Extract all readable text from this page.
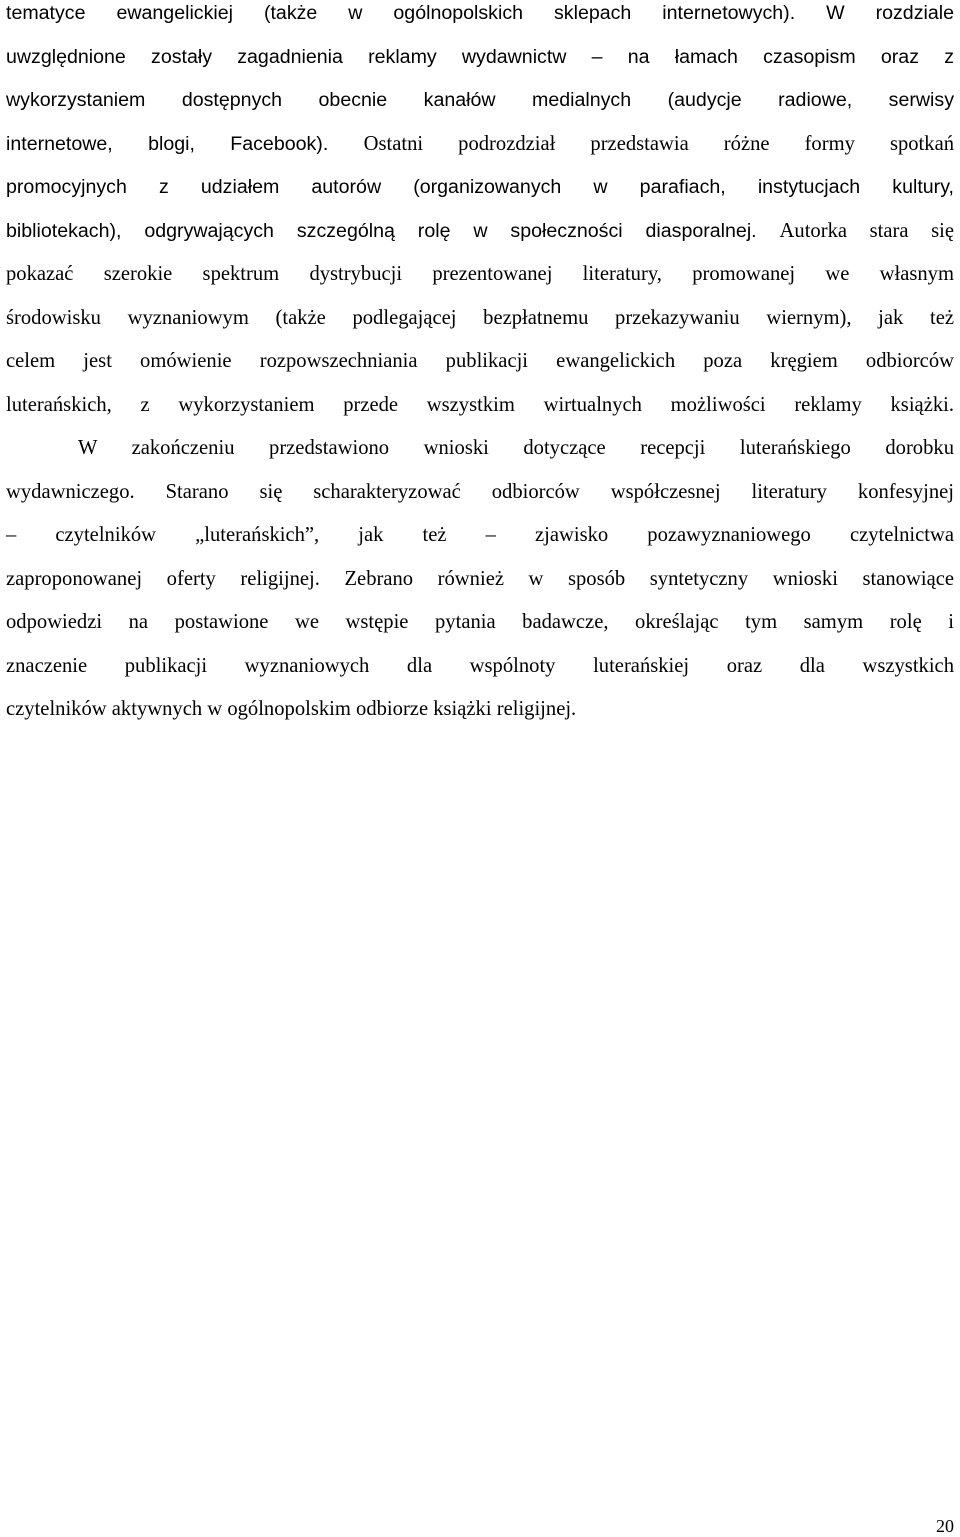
tematyce ewangelickiej (także w ogólnopolskich sklepach internetowych). W rozdziale
uwzględnione zostały zagadnienia reklamy wydawnictw – na łamach czasopism oraz z
wykorzystaniem dostępnych obecnie kanałów medialnych (audycje radiowe, serwisy
internetowe, blogi, Facebook). Ostatni podrozdział przedstawia różne formy spotkań
promocyjnych z udziałem autorów (organizowanych w parafiach, instytucjach kultury,
bibliotekach), odgrywających szczególną rolę w społeczności diasporalnej. Autorka stara się
pokazać szerokie spektrum dystrybucji prezentowanej literatury, promowanej we własnym
środowisku wyznaniowym (także podlegającej bezpłatnemu przekazywaniu wiernym), jak też
celem jest omówienie rozpowszechniania publikacji ewangelickich poza kręgiem odbiorców
luterańskich, z wykorzystaniem przede wszystkim wirtualnych możliwości reklamy książki.
W zakończeniu przedstawiono wnioski dotyczące recepcji luterańskiego dorobku
wydawniczego. Starano się scharakteryzować odbiorców współczesnej literatury konfesyjnej
– czytelników „luterańskich”, jak też – zjawisko pozawyznaniowego czytelnictwa
zaproponowanej oferty religijnej. Zebrano również w sposób syntetyczny wnioski stanowiące
odpowiedzi na postawione we wstępie pytania badawcze, określając tym samym rolę i
znaczenie publikacji wyznaniowych dla wspólnoty luterańskiej oraz dla wszystkich
czytelników aktywnych w ogólnopolskim odbiorze książki religijnej.
20
